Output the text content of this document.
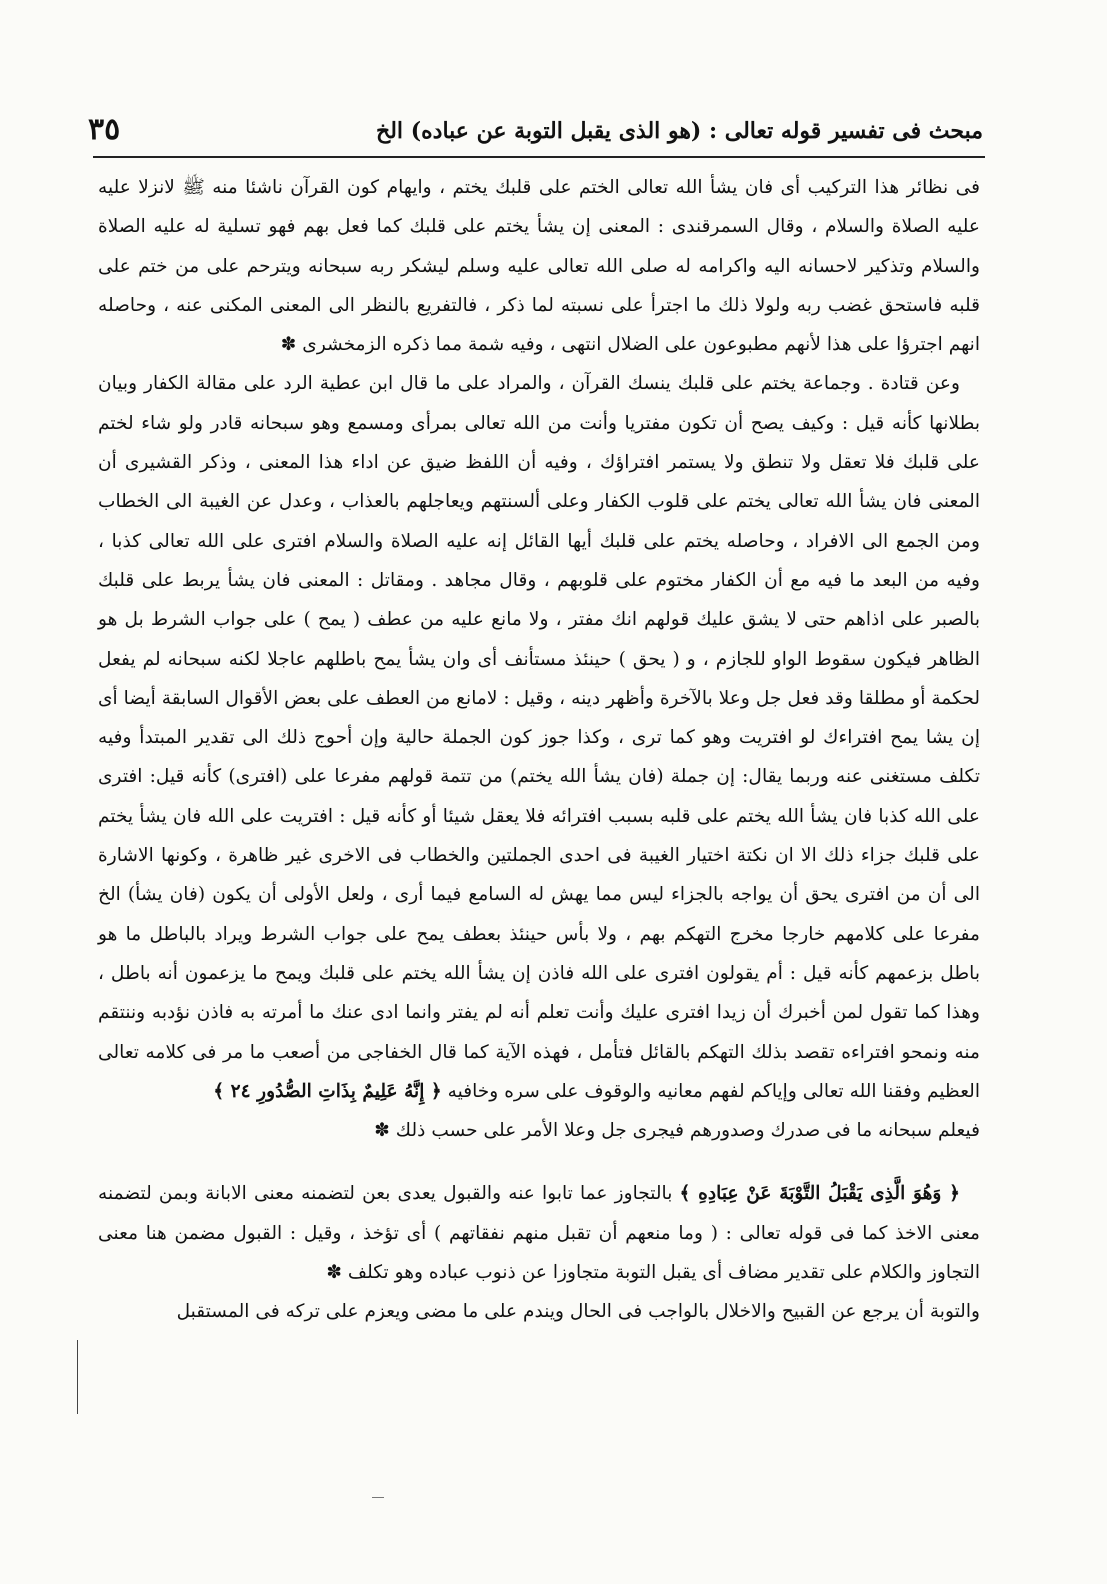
مبحث فى تفسير قوله تعالى : (هو الذى يقبل التوبة عن عباده) الخ
٣٥

فى نظائر هذا التركيب أى فان يشأ الله تعالى الختم على قلبك يختم ، وايهام كون القرآن ناشئا منه ﷺ لانزلا عليه عليه الصلاة والسلام ، وقال السمرقندى : المعنى إن يشأ يختم على قلبك كما فعل بهم فهو تسلية له عليه الصلاة والسلام وتذكير لاحسانه اليه واكرامه له صلى الله تعالى عليه وسلم ليشكر ربه سبحانه ويترحم على من ختم على قلبه فاستحق غضب ربه ولولا ذلك ما اجترأ على نسبته لما ذكر ، فالتفريع بالنظر الى المعنى المكنى عنه ، وحاصله انهم اجترؤا على هذا لأنهم مطبوعون على الضلال انتهى ، وفيه شمة مما ذكره الزمخشرى ✽

وعن قتادة . وجماعة يختم على قلبك ينسك القرآن ، والمراد على ما قال ابن عطية الرد على مقالة الكفار وبيان بطلانها كأنه قيل : وكيف يصح أن تكون مفتريا وأنت من الله تعالى بمرأى ومسمع وهو سبحانه قادر ولو شاء لختم على قلبك فلا تعقل ولا تنطق ولا يستمر افتراؤك ، وفيه أن اللفظ ضيق عن اداء هذا المعنى ، وذكر القشيرى أن المعنى فان يشأ الله تعالى يختم على قلوب الكفار وعلى ألسنتهم ويعاجلهم بالعذاب ، وعدل عن الغيبة الى الخطاب ومن الجمع الى الافراد ، وحاصله يختم على قلبك أيها القائل إنه عليه الصلاة والسلام افترى على الله تعالى كذبا ، وفيه من البعد ما فيه مع أن الكفار مختوم على قلوبهم ، وقال مجاهد . ومقاتل : المعنى فان يشأ يربط على قلبك بالصبر على اذاهم حتى لا يشق عليك قولهم انك مفتر ، ولا مانع عليه من عطف ( يمح ) على جواب الشرط بل هو الظاهر فيكون سقوط الواو للجازم ، و ( يحق ) حينئذ مستأنف أى وان يشأ يمح باطلهم عاجلا لكنه سبحانه لم يفعل لحكمة أو مطلقا وقد فعل جل وعلا بالآخرة وأظهر دينه ، وقيل : لامانع من العطف على بعض الأقوال السابقة أيضا أى إن يشا يمح افتراءك لو افتريت وهو كما ترى ، وكذا جوز كون الجملة حالية وإن أحوج ذلك الى تقدير المبتدأ وفيه تكلف مستغنى عنه وربما يقال: إن جملة (فان يشأ الله يختم) من تتمة قولهم مفرعا على (افترى) كأنه قيل: افترى على الله كذبا فان يشأ الله يختم على قلبه بسبب افترائه فلا يعقل شيئا أو كأنه قيل : افتريت على الله فان يشأ يختم على قلبك جزاء ذلك الا ان نكتة اختيار الغيبة فى احدى الجملتين والخطاب فى الاخرى غير ظاهرة ، وكونها الاشارة الى أن من افترى يحق أن يواجه بالجزاء ليس مما يهش له السامع فيما أرى ، ولعل الأولى أن يكون (فان يشأ) الخ مفرعا على كلامهم خارجا مخرج التهكم بهم ، ولا بأس حينئذ بعطف يمح على جواب الشرط ويراد بالباطل ما هو باطل بزعمهم كأنه قيل : أم يقولون افترى على الله فاذن إن يشأ الله يختم على قلبك ويمح ما يزعمون أنه باطل ، وهذا كما تقول لمن أخبرك أن زيدا افترى عليك وأنت تعلم أنه لم يفتر وانما ادى عنك ما أمرته به فاذن نؤدبه وننتقم منه ونمحو افتراءه تقصد بذلك التهكم بالقائل فتأمل ، فهذه الآية كما قال الخفاجى من أصعب ما مر فى كلامه تعالى العظيم وفقنا الله تعالى وإياكم لفهم معانيه والوقوف على سره وخافيه ﴿ إِنَّهُ عَلِيمٌ بِذَاتِ الصُّدُورِ ٢٤ ﴾

فيعلم سبحانه ما فى صدرك وصدورهم فيجرى جل وعلا الأمر على حسب ذلك ✽

﴿ وَهُوَ الَّذِى يَقْبَلُ التَّوْبَةَ عَنْ عِبَادِهِ ﴾ بالتجاوز عما تابوا عنه والقبول يعدى بعن لتضمنه معنى الابانة وبمن لتضمنه معنى الاخذ كما فى قوله تعالى : ( وما منعهم أن تقبل منهم نفقاتهم ) أى تؤخذ ، وقيل : القبول مضمن هنا معنى التجاوز والكلام على تقدير مضاف أى يقبل التوبة متجاوزا عن ذنوب عباده وهو تكلف ✽

والتوبة أن يرجع عن القبيح والاخلال بالواجب فى الحال ويندم على ما مضى ويعزم على تركه فى المستقبل
